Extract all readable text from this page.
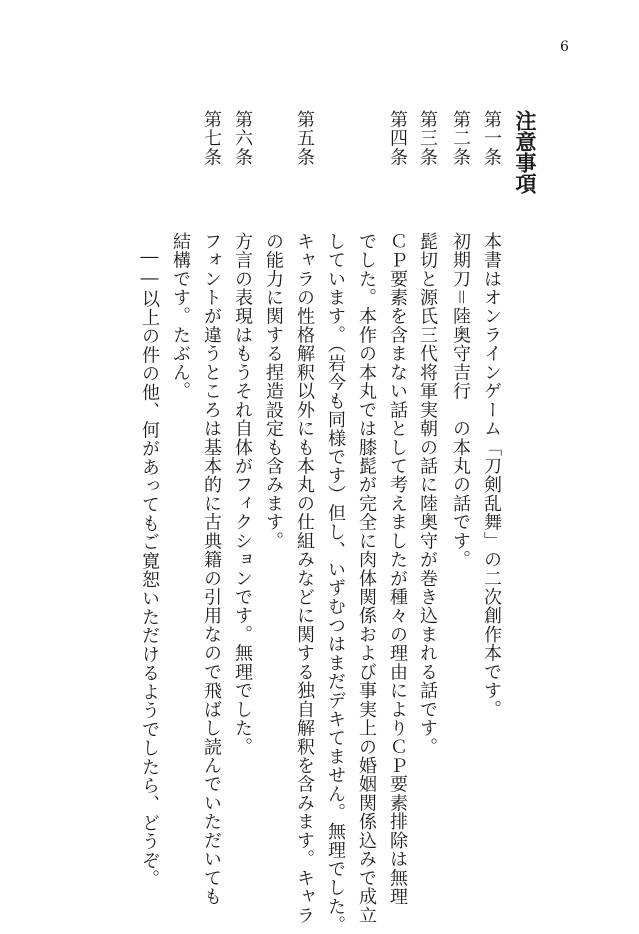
6
注意事項
第一条
本書はオンラインゲーム「刀剣乱舞」の二次創作本です。
第二条
初期刀＝陸奥守吉行　の本丸の話です。
第三条
髭切と源氏三代将軍実朝の話に陸奥守が巻き込まれる話です。
第四条
ＣＰ要素を含まない話として考えましたが種々の理由によりＣＰ要素排除は無理
でした。本作の本丸では膝髭が完全に肉体関係および事実上の婚姻関係込みで成立
しています。（岩今も同様です）但し、いずむつはまだデキてません。無理でした。
第五条
キャラの性格解釈以外にも本丸の仕組みなどに関する独自解釈を含みます。キャラ
の能力に関する捏造設定も含みます。
第六条
方言の表現はもうそれ自体がフィクションです。無理でした。
第七条
フォントが違うところは基本的に古典籍の引用なので飛ばし読んでいただいても
結構です。たぶん。
――以上の件の他、何があってもご寛恕いただけるようでしたら、どうぞ。
